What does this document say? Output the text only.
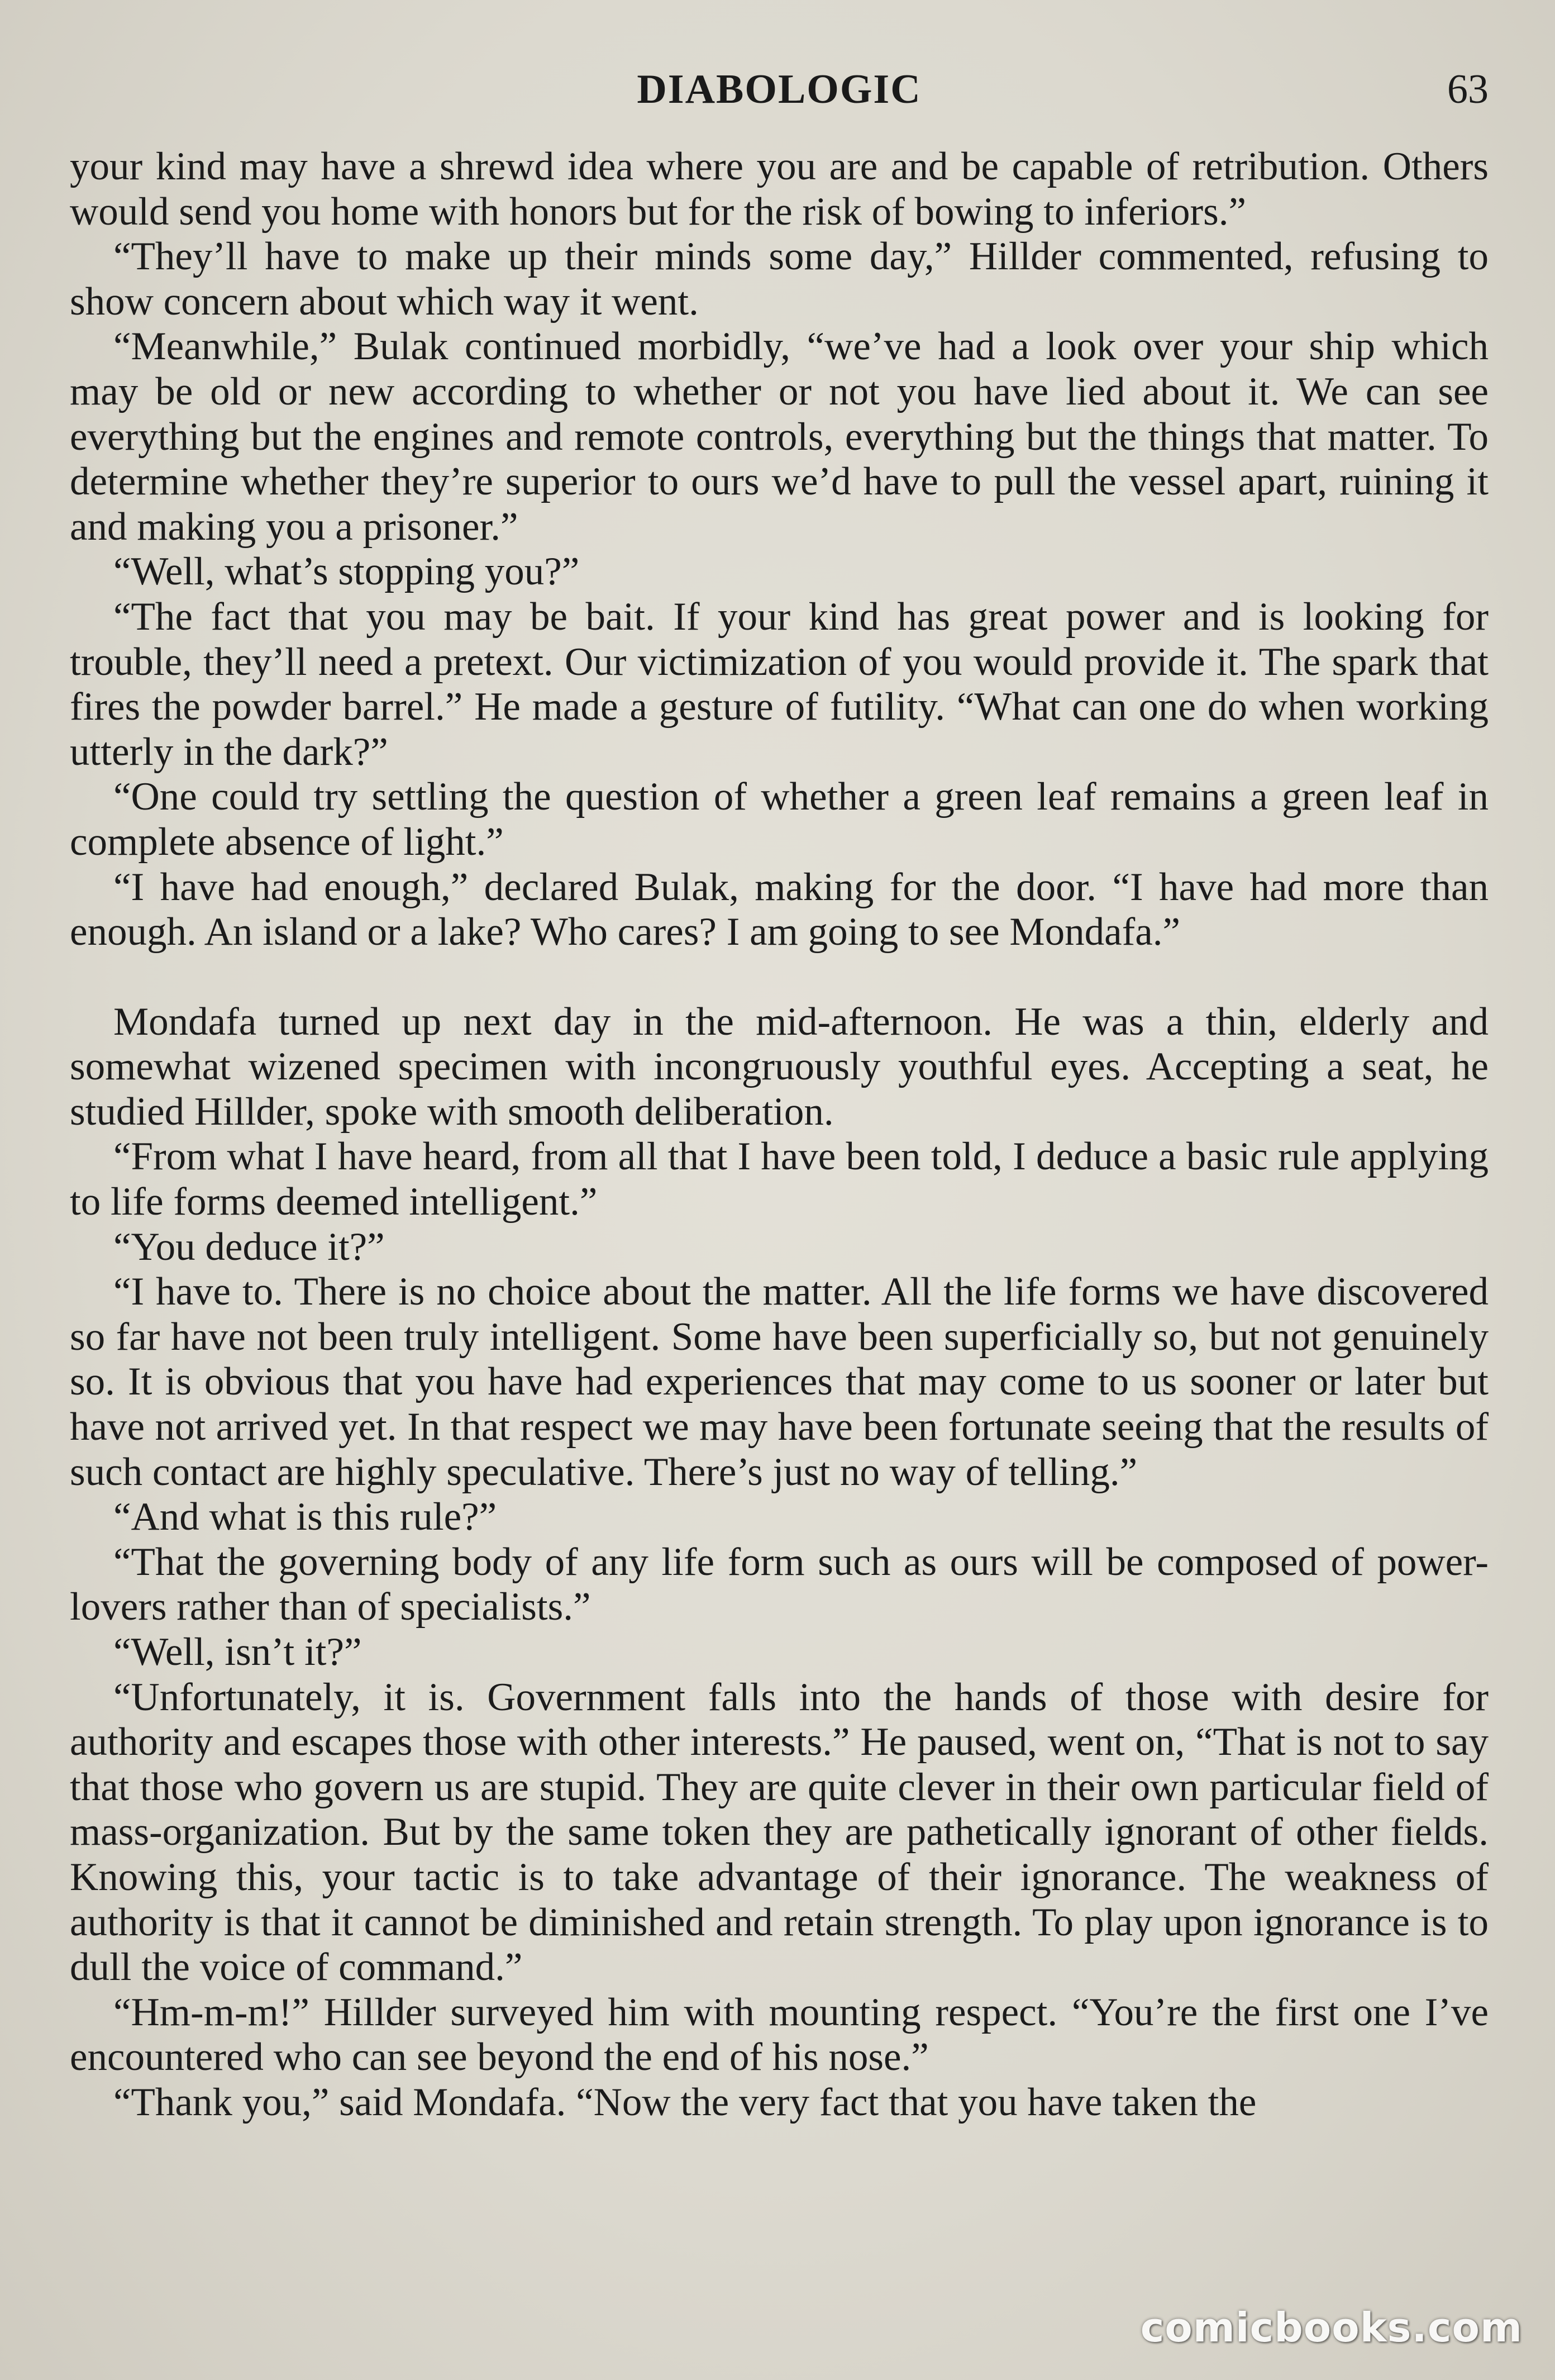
DIABOLOGIC	63

your kind may have a shrewd idea where you are and be capable of retribution. Others would send you home with honors but for the risk of bowing to inferiors.”

“They’ll have to make up their minds some day,” Hillder commented, refusing to show concern about which way it went.

“Meanwhile,” Bulak continued morbidly, “we’ve had a look over your ship which may be old or new according to whether or not you have lied about it. We can see everything but the engines and remote controls, everything but the things that matter. To determine whether they’re superior to ours we’d have to pull the vessel apart, ruining it and making you a prisoner.”

“Well, what’s stopping you?”

“The fact that you may be bait. If your kind has great power and is looking for trouble, they’ll need a pretext. Our victimization of you would provide it. The spark that fires the powder barrel.” He made a gesture of futility. “What can one do when working utterly in the dark?”

“One could try settling the question of whether a green leaf remains a green leaf in complete absence of light.”

“I have had enough,” declared Bulak, making for the door. “I have had more than enough. An island or a lake? Who cares? I am going to see Mondafa.”

Mondafa turned up next day in the mid-afternoon. He was a thin, elderly and somewhat wizened specimen with incongruously youthful eyes. Accepting a seat, he studied Hillder, spoke with smooth deliberation.

“From what I have heard, from all that I have been told, I deduce a basic rule applying to life forms deemed intelligent.”

“You deduce it?”

“I have to. There is no choice about the matter. All the life forms we have discovered so far have not been truly intelligent. Some have been superficially so, but not genuinely so. It is obvious that you have had experiences that may come to us sooner or later but have not arrived yet. In that respect we may have been fortunate seeing that the results of such contact are highly speculative. There’s just no way of telling.”

“And what is this rule?”

“That the governing body of any life form such as ours will be composed of power-lovers rather than of specialists.”

“Well, isn’t it?”

“Unfortunately, it is. Government falls into the hands of those with desire for authority and escapes those with other interests.” He paused, went on, “That is not to say that those who govern us are stupid. They are quite clever in their own particular field of mass-organization. But by the same token they are pathetically ignorant of other fields. Knowing this, your tactic is to take advantage of their ignorance. The weakness of authority is that it cannot be diminished and retain strength. To play upon ignorance is to dull the voice of command.”

“Hm-m-m!” Hillder surveyed him with mounting respect. “You’re the first one I’ve encountered who can see beyond the end of his nose.”

“Thank you,” said Mondafa. “Now the very fact that you have taken the

comicbooks.com
